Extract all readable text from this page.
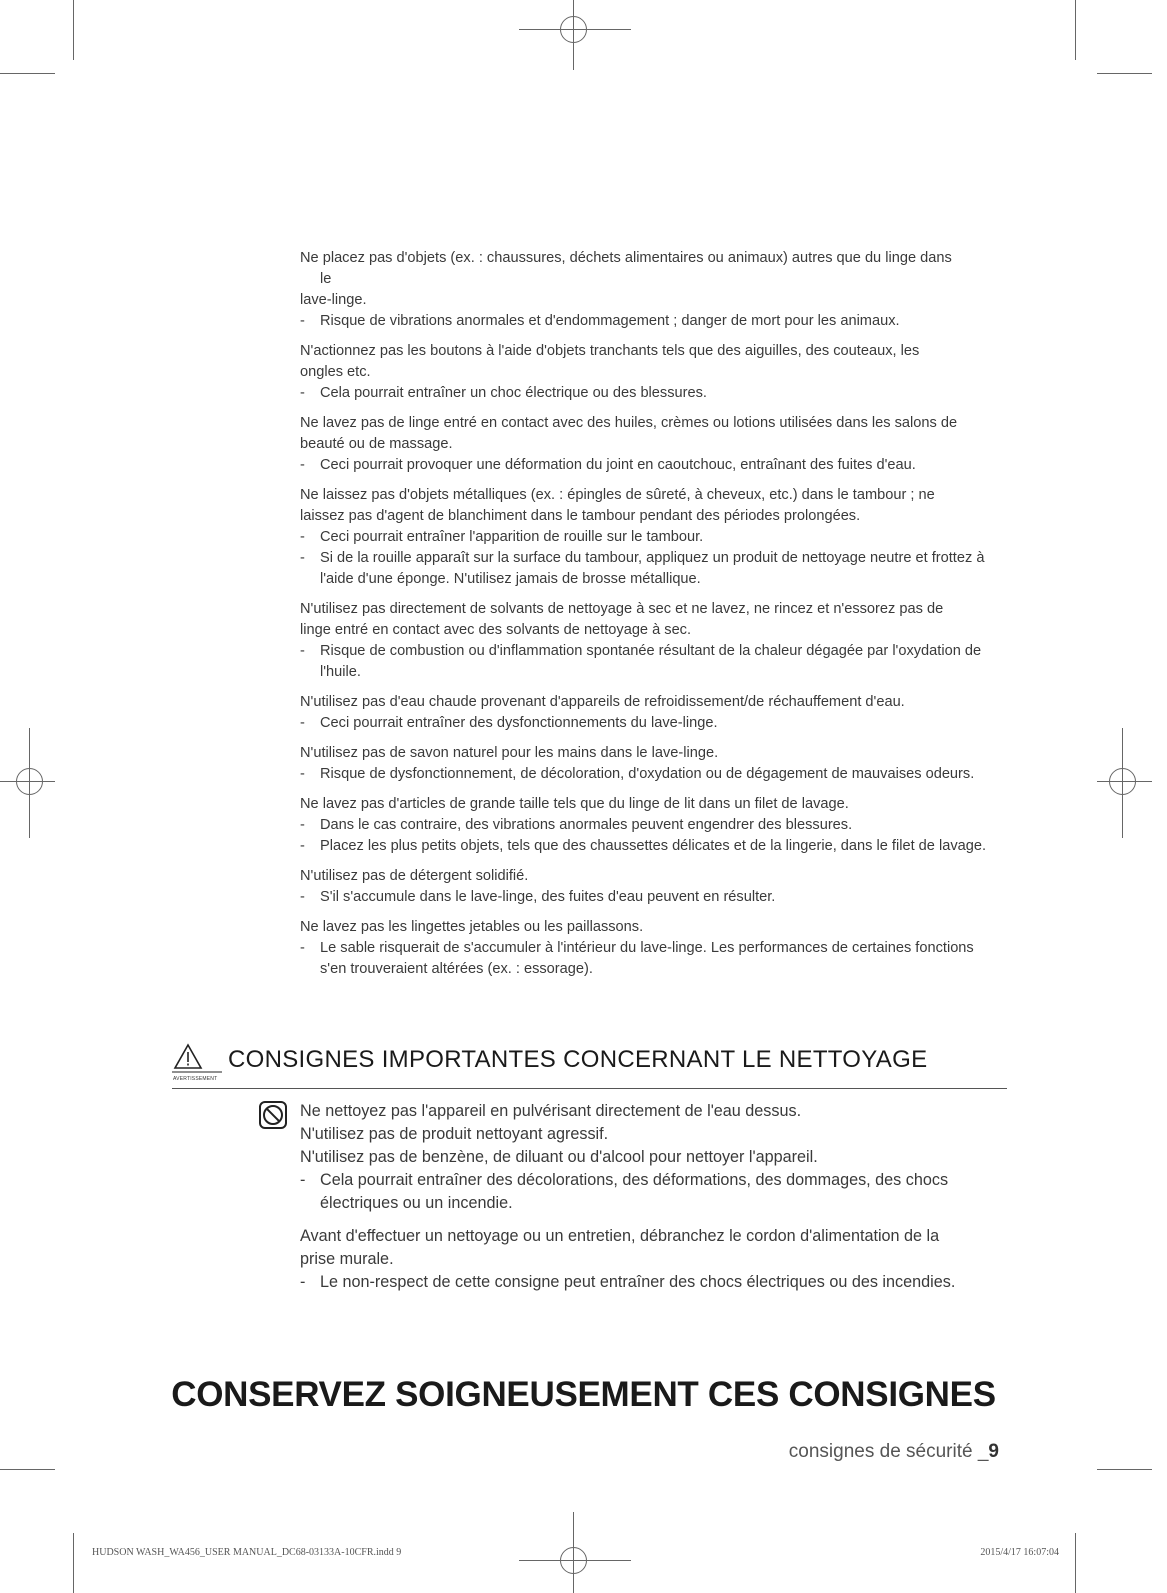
Ne placez pas d'objets (ex. : chaussures, déchets alimentaires ou animaux) autres que du linge dans
le
lave-linge.

- Risque de vibrations anormales et d'endommagement ; danger de mort pour les animaux.

N'actionnez pas les boutons à l'aide d'objets tranchants tels que des aiguilles, des couteaux, les
ongles etc.

- Cela pourrait entraîner un choc électrique ou des blessures.

Ne lavez pas de linge entré en contact avec des huiles, crèmes ou lotions utilisées dans les salons de
beauté ou de massage.

- Ceci pourrait provoquer une déformation du joint en caoutchouc, entraînant des fuites d'eau.

Ne laissez pas d'objets métalliques (ex. : épingles de sûreté, à cheveux, etc.) dans le tambour ; ne
laissez pas d'agent de blanchiment dans le tambour pendant des périodes prolongées.

- Ceci pourrait entraîner l'apparition de rouille sur le tambour.

- Si de la rouille apparaît sur la surface du tambour, appliquez un produit de nettoyage neutre et frottez à l'aide d'une éponge. N'utilisez jamais de brosse métallique.

N'utilisez pas directement de solvants de nettoyage à sec et ne lavez, ne rincez et n'essorez pas de
linge entré en contact avec des solvants de nettoyage à sec.

- Risque de combustion ou d'inflammation spontanée résultant de la chaleur dégagée par l'oxydation de l'huile.

N'utilisez pas d'eau chaude provenant d'appareils de refroidissement/de réchauffement d'eau.

- Ceci pourrait entraîner des dysfonctionnements du lave-linge.

N'utilisez pas de savon naturel pour les mains dans le lave-linge.

- Risque de dysfonctionnement, de décoloration, d'oxydation ou de dégagement de mauvaises odeurs.

Ne lavez pas d'articles de grande taille tels que du linge de lit dans un filet de lavage.

- Dans le cas contraire, des vibrations anormales peuvent engendrer des blessures.

- Placez les plus petits objets, tels que des chaussettes délicates et de la lingerie, dans le filet de lavage.

N'utilisez pas de détergent solidifié.

- S'il s'accumule dans le lave-linge, des fuites d'eau peuvent en résulter.

Ne lavez pas les lingettes jetables ou les paillassons.

- Le sable risquerait de s'accumuler à l'intérieur du lave-linge. Les performances de certaines fonctions s'en trouveraient altérées (ex. : essorage).

AVERTISSEMENT
CONSIGNES IMPORTANTES CONCERNANT LE NETTOYAGE

Ne nettoyez pas l'appareil en pulvérisant directement de l'eau dessus.
N'utilisez pas de produit nettoyant agressif.
N'utilisez pas de benzène, de diluant ou d'alcool pour nettoyer l'appareil.

- Cela pourrait entraîner des décolorations, des déformations, des dommages, des chocs électriques ou un incendie.

Avant d'effectuer un nettoyage ou un entretien, débranchez le cordon d'alimentation de la
prise murale.

- Le non-respect de cette consigne peut entraîner des chocs électriques ou des incendies.

CONSERVEZ SOIGNEUSEMENT CES CONSIGNES
consignes de sécurité _9
HUDSON WASH_WA456_USER MANUAL_DC68-03133A-10CFR.indd 9	2015/4/17 16:07:04
